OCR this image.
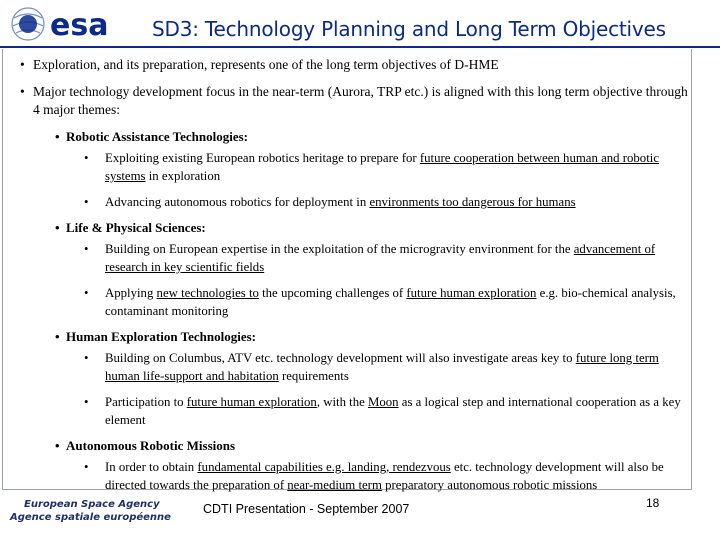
esa SD3: Technology Planning and Long Term Objectives
• Exploration, and its preparation, represents one of the long term objectives of D-HME
• Major technology development focus in the near-term (Aurora, TRP etc.) is aligned with this long term objective through 4 major themes:
• Robotic Assistance Technologies:
• Exploiting existing European robotics heritage to prepare for future cooperation between human and robotic systems in exploration
• Advancing autonomous robotics for deployment in environments too dangerous for humans
• Life & Physical Sciences:
• Building on European expertise in the exploitation of the microgravity environment for the advancement of research in key scientific fields
• Applying new technologies to the upcoming challenges of future human exploration e.g. bio-chemical analysis, contaminant monitoring
• Human Exploration Technologies:
• Building on Columbus, ATV etc. technology development will also investigate areas key to future long term human life-support and habitation requirements
• Participation to future human exploration, with the Moon as a logical step and international cooperation as a key element
• Autonomous Robotic Missions
• In order to obtain fundamental capabilities e.g. landing, rendezvous etc. technology development will also be directed towards the preparation of near-medium term preparatory autonomous robotic missions
European Space Agency
Agence spatiale européenne
CDTI Presentation - September 2007	18
